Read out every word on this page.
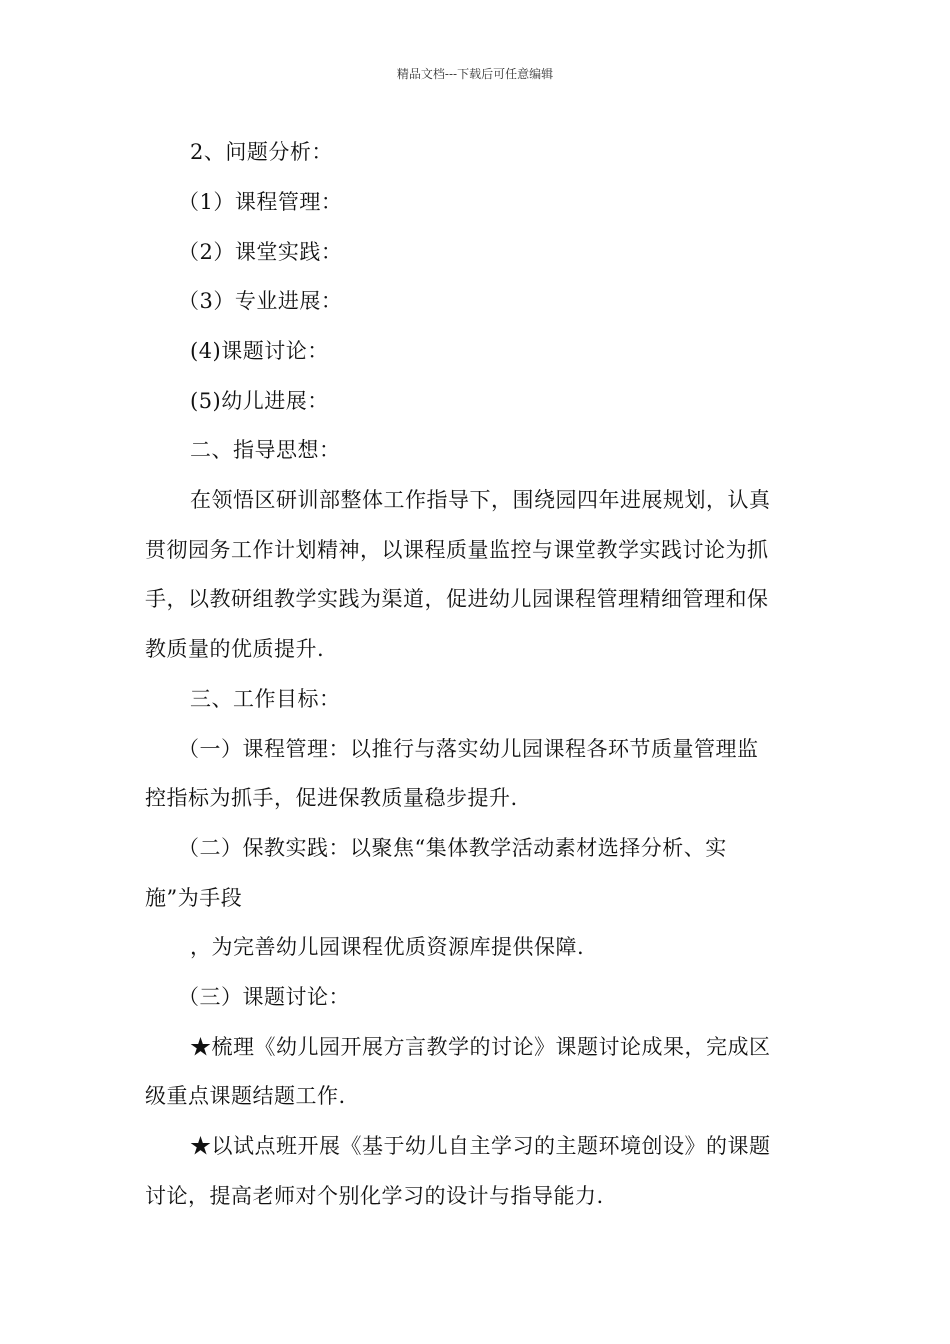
精品文档---下载后可任意编辑
2、问题分析：
（1）课程管理：
（2）课堂实践：
（3）专业进展：
(4)课题讨论：
(5)幼儿进展：
二、指导思想：
在领悟区研训部整体工作指导下，围绕园四年进展规划，认真
贯彻园务工作计划精神，以课程质量监控与课堂教学实践讨论为抓
手，以教研组教学实践为渠道，促进幼儿园课程管理精细管理和保
教质量的优质提升.
三、工作目标：
（一）课程管理：以推行与落实幼儿园课程各环节质量管理监
控指标为抓手，促进保教质量稳步提升.
（二）保教实践：以聚焦“集体教学活动素材选择分析、实
施”为手段
，为完善幼儿园课程优质资源库提供保障.
（三）课题讨论：
★梳理《幼儿园开展方言教学的讨论》课题讨论成果，完成区
级重点课题结题工作.
★以试点班开展《基于幼儿自主学习的主题环境创设》的课题
讨论，提高老师对个别化学习的设计与指导能力.
